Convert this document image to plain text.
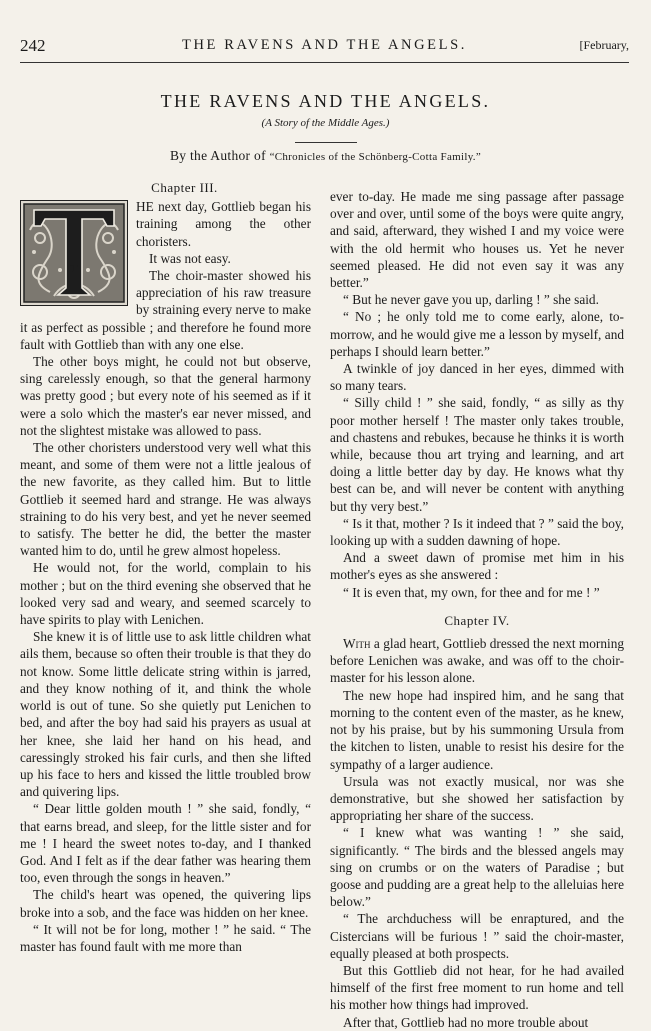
242	THE RAVENS AND THE ANGELS.	[February,
THE RAVENS AND THE ANGELS.
(A Story of the Middle Ages.)
By the Author of “Chronicles of the Schönberg-Cotta Family.”
Chapter III.
T

HE next day, Gottlieb began his training among the other choristers.

It was not easy.

The choir-master showed his appreciation of his raw treasure by straining every nerve to make it as perfect as possible ; and therefore he found more fault with Gottlieb than with any one else.

The other boys might, he could not but observe, sing carelessly enough, so that the general harmony was pretty good ; but every note of his seemed as if it were a solo which the master's ear never missed, and not the slightest mistake was allowed to pass.

The other choristers understood very well what this meant, and some of them were not a little jealous of the new favorite, as they called him. But to little Gottlieb it seemed hard and strange. He was always straining to do his very best, and yet he never seemed to satisfy. The better he did, the better the master wanted him to do, until he grew almost hopeless.

He would not, for the world, complain to his mother ; but on the third evening she observed that he looked very sad and weary, and seemed scarcely to have spirits to play with Lenichen.

She knew it is of little use to ask little children what ails them, because so often their trouble is that they do not know. Some little delicate string within is jarred, and they know nothing of it, and think the whole world is out of tune. So she quietly put Lenichen to bed, and after the boy had said his prayers as usual at her knee, she laid her hand on his head, and caressingly stroked his fair curls, and then she lifted up his face to hers and kissed the little troubled brow and quivering lips.

“ Dear little golden mouth ! ” she said, fondly, “ that earns bread, and sleep, for the little sister and for me ! I heard the sweet notes to-day, and I thanked God. And I felt as if the dear father was hearing them too, even through the songs in heaven.”

The child's heart was opened, the quivering lips broke into a sob, and the face was hidden on her knee.

“ It will not be for long, mother ! ” he said. “ The master has found fault with me more than

ever to-day. He made me sing passage after passage over and over, until some of the boys were quite angry, and said, afterward, they wished I and my voice were with the old hermit who houses us. Yet he never seemed pleased. He did not even say it was any better.”

“ But he never gave you up, darling ! ” she said.

“ No ; he only told me to come early, alone, to-morrow, and he would give me a lesson by myself, and perhaps I should learn better.”

A twinkle of joy danced in her eyes, dimmed with so many tears.

“ Silly child ! ” she said, fondly, “ as silly as thy poor mother herself ! The master only takes trouble, and chastens and rebukes, because he thinks it is worth while, because thou art trying and learning, and art doing a little better day by day. He knows what thy best can be, and will never be content with anything but thy very best.”

“ Is it that, mother ? Is it indeed that ? ” said the boy, looking up with a sudden dawning of hope.

And a sweet dawn of promise met him in his mother's eyes as she answered :

“ It is even that, my own, for thee and for me ! ”

Chapter IV.

With a glad heart, Gottlieb dressed the next morning before Lenichen was awake, and was off to the choir-master for his lesson alone.

The new hope had inspired him, and he sang that morning to the content even of the master, as he knew, not by his praise, but by his summoning Ursula from the kitchen to listen, unable to resist his desire for the sympathy of a larger audience.

Ursula was not exactly musical, nor was she demonstrative, but she showed her satisfaction by appropriating her share of the success.

“ I knew what was wanting ! ” she said, significantly. “ The birds and the blessed angels may sing on crumbs or on the waters of Paradise ; but goose and pudding are a great help to the alleluias here below.”

“ The archduchess will be enraptured, and the Cistercians will be furious ! ” said the choir-master, equally pleased at both prospects.

But this Gottlieb did not hear, for he had availed himself of the first free moment to run home and tell his mother how things had improved.

After that, Gottlieb had no more trouble about
